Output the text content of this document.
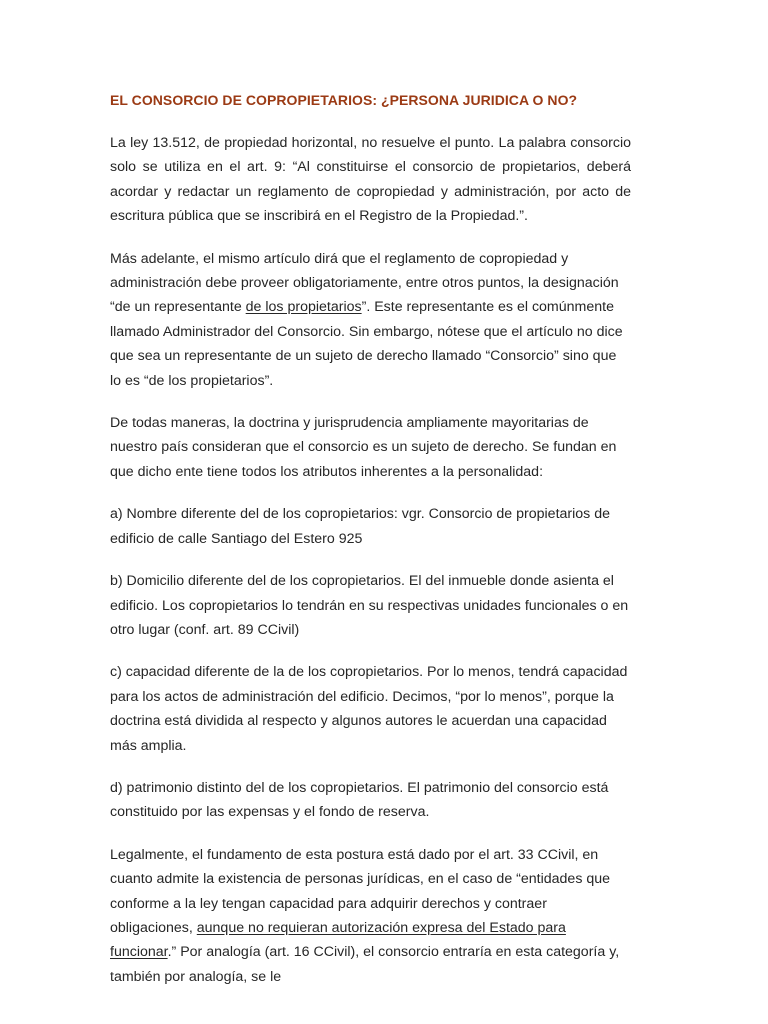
EL CONSORCIO DE COPROPIETARIOS: ¿PERSONA JURIDICA O NO?

La ley 13.512, de propiedad horizontal, no resuelve el punto. La palabra consorcio solo se utiliza en el art. 9: “Al constituirse el consorcio de propietarios, deberá acordar y redactar un reglamento de copropiedad y administración, por acto de escritura pública que se inscribirá en el Registro de la Propiedad.”.

Más adelante, el mismo artículo dirá que el reglamento de copropiedad y administración debe proveer obligatoriamente, entre otros puntos, la designación “de un representante de los propietarios”. Este representante es el comúnmente llamado Administrador del Consorcio. Sin embargo, nótese que el artículo no dice que sea un representante de un sujeto de derecho llamado “Consorcio” sino que lo es “de los propietarios”.

De todas maneras, la doctrina y jurisprudencia ampliamente mayoritarias de nuestro país consideran que el consorcio es un sujeto de derecho. Se fundan en que dicho ente tiene todos los atributos inherentes a la personalidad:

a) Nombre diferente del de los copropietarios: vgr. Consorcio de propietarios de edificio de calle Santiago del Estero 925

b) Domicilio diferente del de los copropietarios. El del inmueble donde asienta el edificio. Los copropietarios lo tendrán en su respectivas unidades funcionales o en otro lugar (conf. art. 89 CCivil)

c) capacidad diferente de la de los copropietarios. Por lo menos, tendrá capacidad para los actos de administración del edificio. Decimos, “por lo menos”, porque la doctrina está dividida al respecto y algunos autores le acuerdan una capacidad más amplia.

d) patrimonio distinto del de los copropietarios. El patrimonio del consorcio está constituido por las expensas y el fondo de reserva.

Legalmente, el fundamento de esta postura está dado por el art. 33 CCivil, en cuanto admite la existencia de personas jurídicas, en el caso de “entidades que conforme a la ley tengan capacidad para adquirir derechos y contraer obligaciones, aunque no requieran autorización expresa del Estado para funcionar.” Por analogía (art. 16 CCivil), el consorcio entraría en esta categoría y, también por analogía, se le
